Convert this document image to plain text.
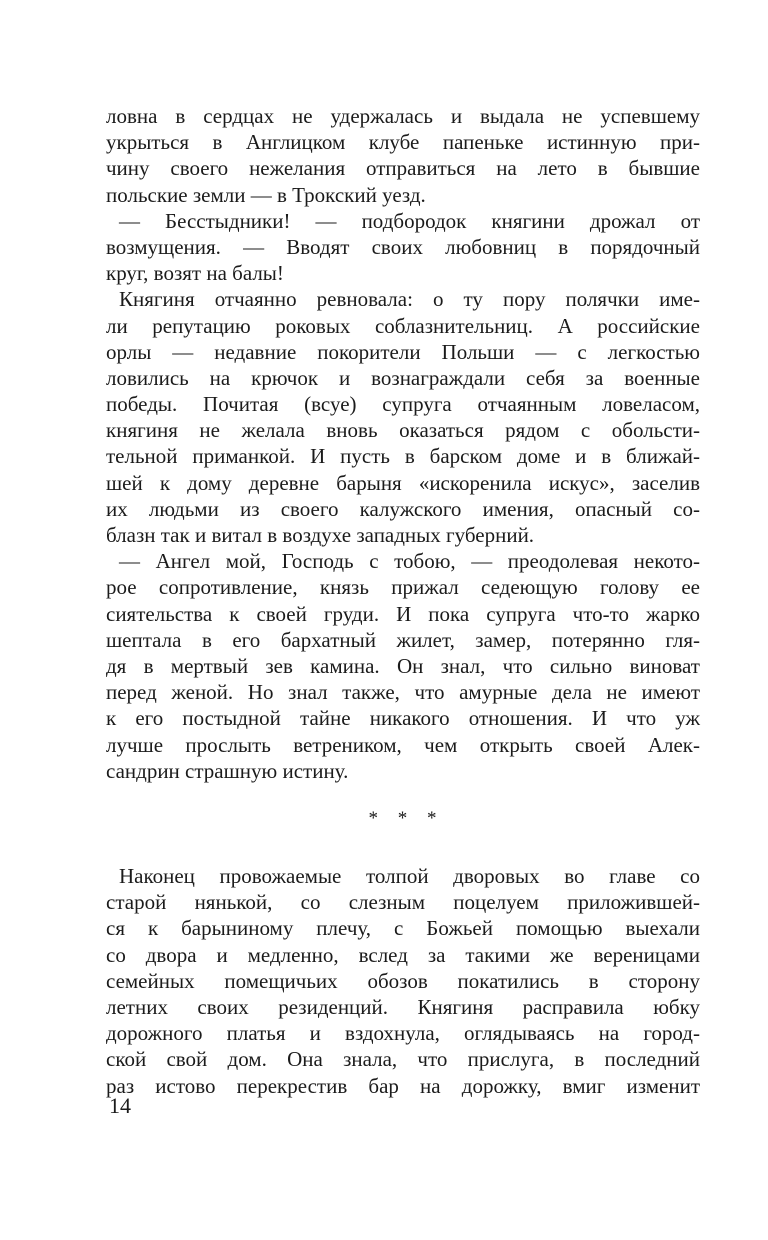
ловна в сердцах не удержалась и выдала не успевшему
укрыться в Англицком клубе папеньке истинную при-
чину своего нежелания отправиться на лето в бывшие
польские земли — в Трокский уезд.
— Бесстыдники! — подбородок княгини дрожал от
возмущения. — Вводят своих любовниц в порядочный
круг, возят на балы!
Княгиня отчаянно ревновала: о ту пору полячки име-
ли репутацию роковых соблазнительниц. А российские
орлы — недавние покорители Польши — с легкостью
ловились на крючок и вознаграждали себя за военные
победы. Почитая (всуе) супруга отчаянным ловеласом,
княгиня не желала вновь оказаться рядом с обольсти-
тельной приманкой. И пусть в барском доме и в ближай-
шей к дому деревне барыня «искоренила искус», заселив
их людьми из своего калужского имения, опасный со-
блазн так и витал в воздухе западных губерний.
— Ангел мой, Господь с тобою, — преодолевая некото-
рое сопротивление, князь прижал седеющую голову ее
сиятельства к своей груди. И пока супруга что-то жарко
шептала в его бархатный жилет, замер, потерянно гля-
дя в мертвый зев камина. Он знал, что сильно виноват
перед женой. Но знал также, что амурные дела не имеют
к его постыдной тайне никакого отношения. И что уж
лучше прослыть ветреником, чем открыть своей Алек-
сандрин страшную истину.
* * *
Наконец провожаемые толпой дворовых во главе со
старой нянькой, со слезным поцелуем приложившей-
ся к барыниному плечу, с Божьей помощью выехали
со двора и медленно, вслед за такими же вереницами
семейных помещичьих обозов покатились в сторону
летних своих резиденций. Княгиня расправила юбку
дорожного платья и вздохнула, оглядываясь на город-
ской свой дом. Она знала, что прислуга, в последний
раз истово перекрестив бар на дорожку, вмиг изменит
14
